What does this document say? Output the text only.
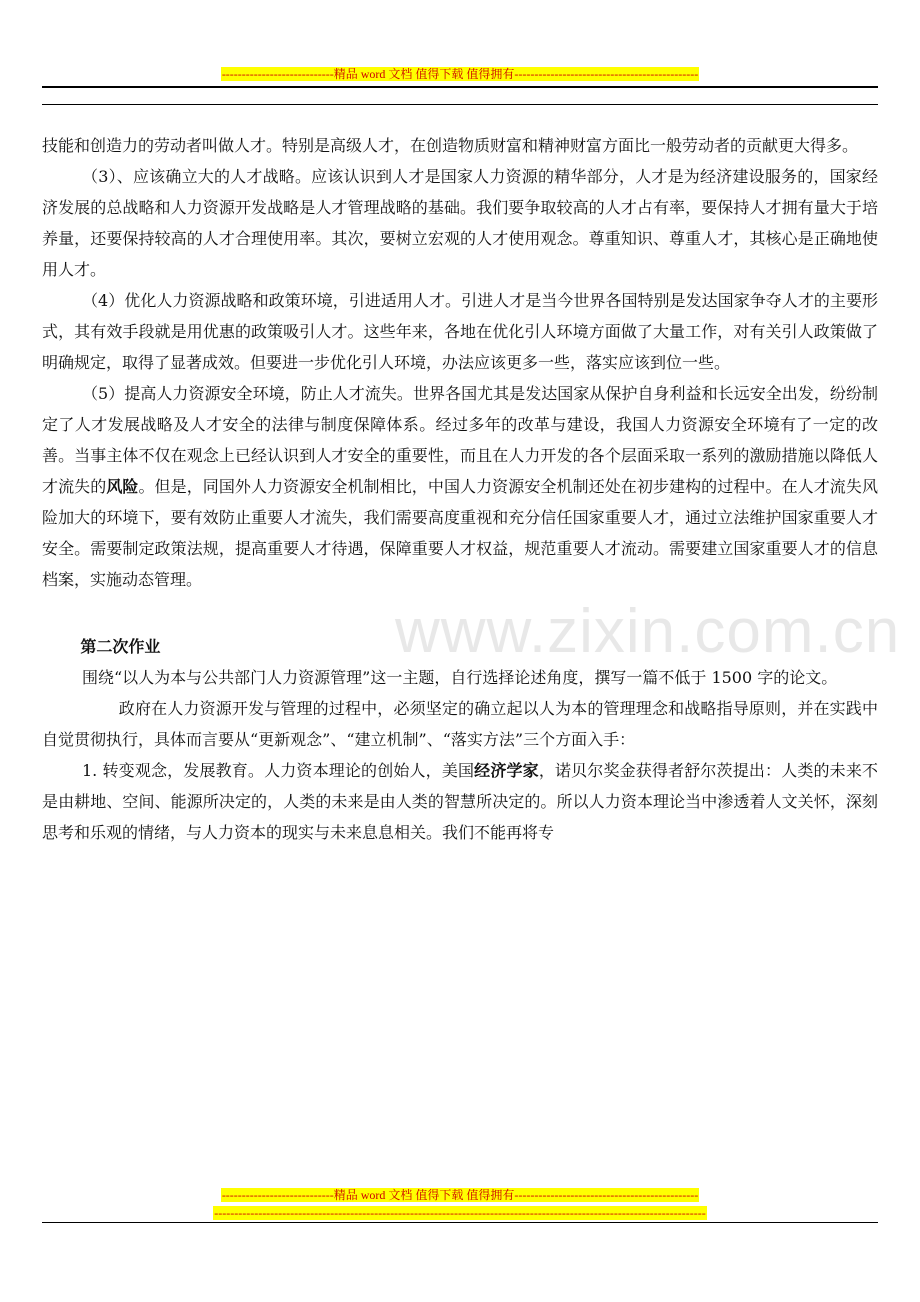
----------------------------精品 word 文档 值得下载 值得拥有----------------------------------------------
www.zixin.com.cn

技能和创造力的劳动者叫做人才。特别是高级人才，在创造物质财富和精神财富方面比一般劳动者的贡献更大得多。

（3）、应该确立大的人才战略。应该认识到人才是国家人力资源的精华部分，人才是为经济建设服务的，国家经济发展的总战略和人力资源开发战略是人才管理战略的基础。我们要争取较高的人才占有率，要保持人才拥有量大于培养量，还要保持较高的人才合理使用率。其次，要树立宏观的人才使用观念。尊重知识、尊重人才，其核心是正确地使用人才。

（4）优化人力资源战略和政策环境，引进适用人才。引进人才是当今世界各国特别是发达国家争夺人才的主要形式，其有效手段就是用优惠的政策吸引人才。这些年来，各地在优化引人环境方面做了大量工作，对有关引人政策做了明确规定，取得了显著成效。但要进一步优化引人环境，办法应该更多一些，落实应该到位一些。

（5）提高人力资源安全环境，防止人才流失。世界各国尤其是发达国家从保护自身利益和长远安全出发，纷纷制定了人才发展战略及人才安全的法律与制度保障体系。经过多年的改革与建设，我国人力资源安全环境有了一定的改善。当事主体不仅在观念上已经认识到人才安全的重要性，而且在人力开发的各个层面采取一系列的激励措施以降低人才流失的风险。但是，同国外人力资源安全机制相比，中国人力资源安全机制还处在初步建构的过程中。在人才流失风险加大的环境下，要有效防止重要人才流失，我们需要高度重视和充分信任国家重要人才，通过立法维护国家重要人才安全。需要制定政策法规，提高重要人才待遇，保障重要人才权益，规范重要人才流动。需要建立国家重要人才的信息档案，实施动态管理。

第二次作业

围绕“以人为本与公共部门人力资源管理”这一主题，自行选择论述角度，撰写一篇不低于 1500 字的论文。

政府在人力资源开发与管理的过程中，必须坚定的确立起以人为本的管理理念和战略指导原则，并在实践中自觉贯彻执行，具体而言要从“更新观念”、“建立机制”、“落实方法”三个方面入手：

1. 转变观念，发展教育。人力资本理论的创始人，美国经济学家，诺贝尔奖金获得者舒尔茨提出：人类的未来不是由耕地、空间、能源所决定的，人类的未来是由人类的智慧所决定的。所以人力资本理论当中渗透着人文关怀，深刻思考和乐观的情绪，与人力资本的现实与未来息息相关。我们不能再将专

----------------------------精品 word 文档 值得下载 值得拥有----------------------------------------------
---------------------------------------------------------------------------------------------------------------------------
